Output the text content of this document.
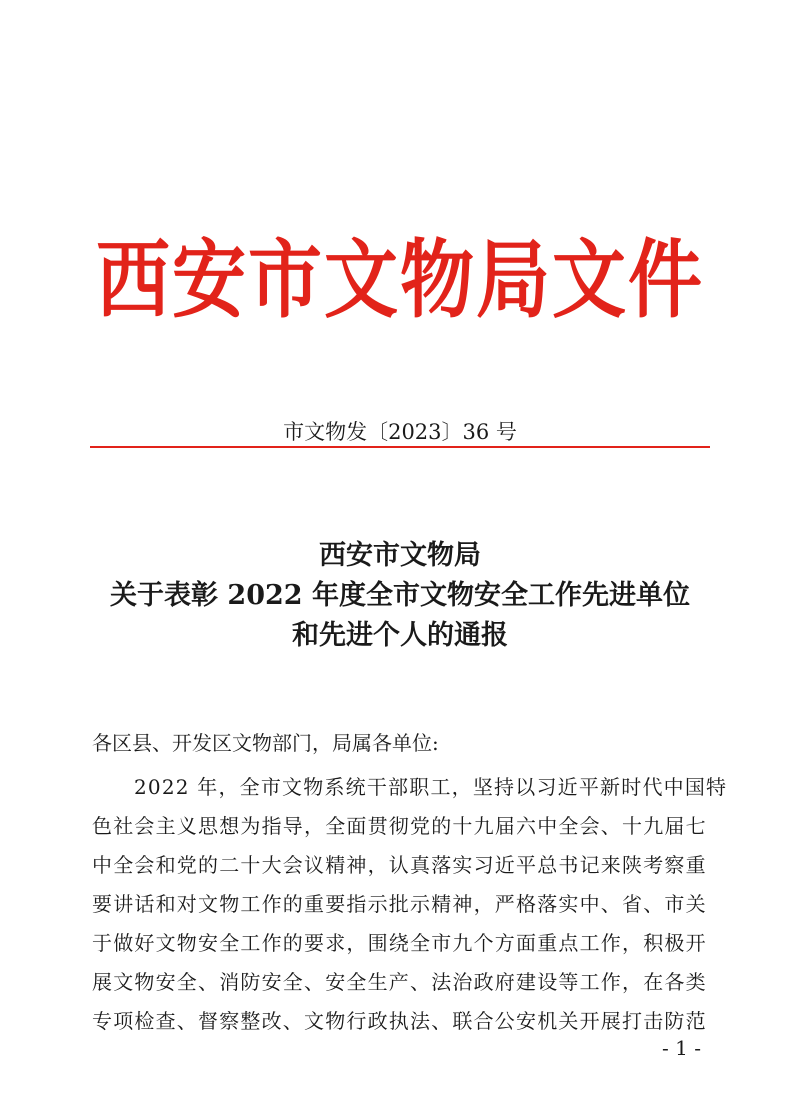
西安市文物局文件
市文物发〔2023〕36 号
西安市文物局
关于表彰 2022 年度全市文物安全工作先进单位
和先进个人的通报
各区县、开发区文物部门，局属各单位:
2022 年，全市文物系统干部职工，坚持以习近平新时代中国特
色社会主义思想为指导，全面贯彻党的十九届六中全会、十九届七
中全会和党的二十大会议精神，认真落实习近平总书记来陕考察重
要讲话和对文物工作的重要指示批示精神，严格落实中、省、市关
于做好文物安全工作的要求，围绕全市九个方面重点工作，积极开
展文物安全、消防安全、安全生产、法治政府建设等工作，在各类
专项检查、督察整改、文物行政执法、联合公安机关开展打击防范
- 1 -
